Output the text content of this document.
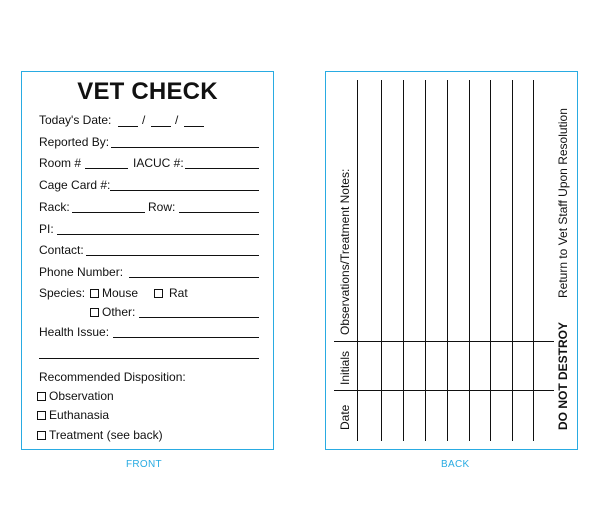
VET CHECK
Today's Date:	/ /
Reported By:
Room #	IACUC #:
Cage Card #:
Rack:	Row:
PI:
Contact:
Phone Number:
Species:	Mouse	Rat
Other:
Health Issue:
Recommended Disposition:
Observation
Euthanasia
Treatment (see back)
FRONT
Observations/Treatment Notes:
Initials
Date
Return to Vet Staff Upon Resolution
DO NOT DESTROY
BACK
